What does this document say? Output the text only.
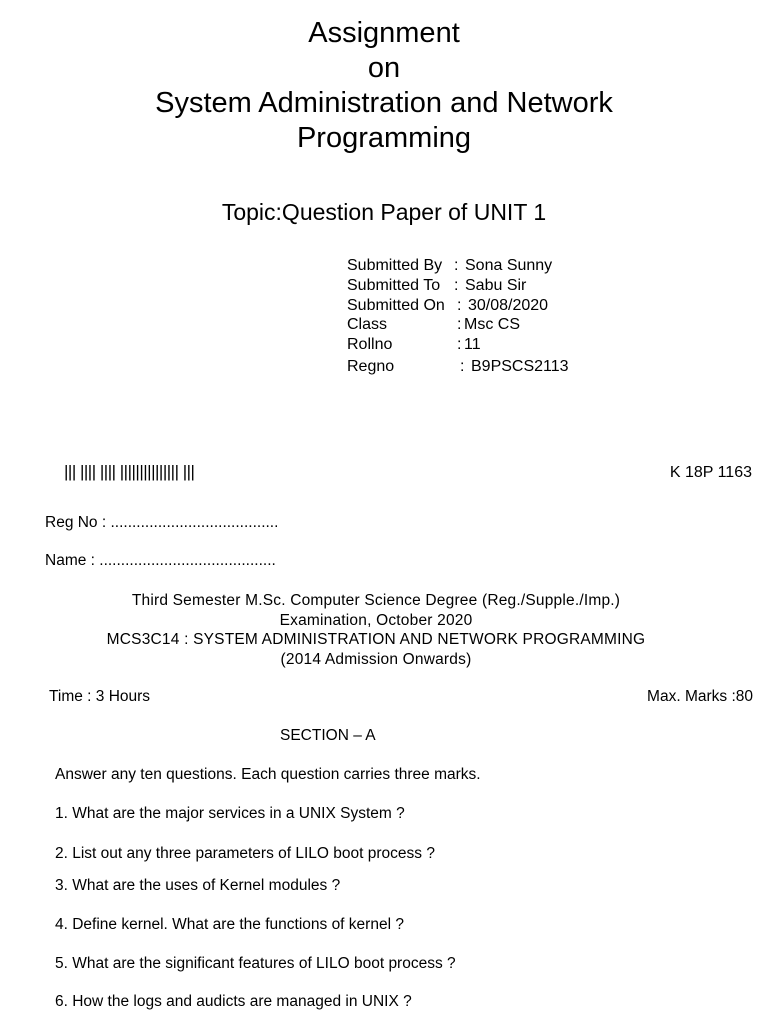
Assignment
on
System Administration and Network
Programming
Topic:Question Paper of UNIT 1
Submitted By : Sona Sunny
Submitted To : Sabu Sir
Submitted On : 30/08/2020
Class	: Msc CS
Rollno	: 11
Regno	: B9PSCS2113
||| |||| |||| ||||||||||||||| |||	K 18P 1163
Reg No : .......................................
Name : .........................................
Third Semester M.Sc. Computer Science Degree (Reg./Supple./Imp.)
Examination, October 2020
MCS3C14 : SYSTEM ADMINISTRATION AND NETWORK PROGRAMMING
(2014 Admission Onwards)
Time : 3 Hours	Max. Marks :80
SECTION – A
Answer any ten questions. Each question carries three marks.
1. What are the major services in a UNIX System ?
2. List out any three parameters of LILO boot process ?
3. What are the uses of Kernel modules ?
4. Define kernel. What are the functions of kernel ?
5. What are the significant features of LILO boot process ?
6. How the logs and audicts are managed in UNIX ?
